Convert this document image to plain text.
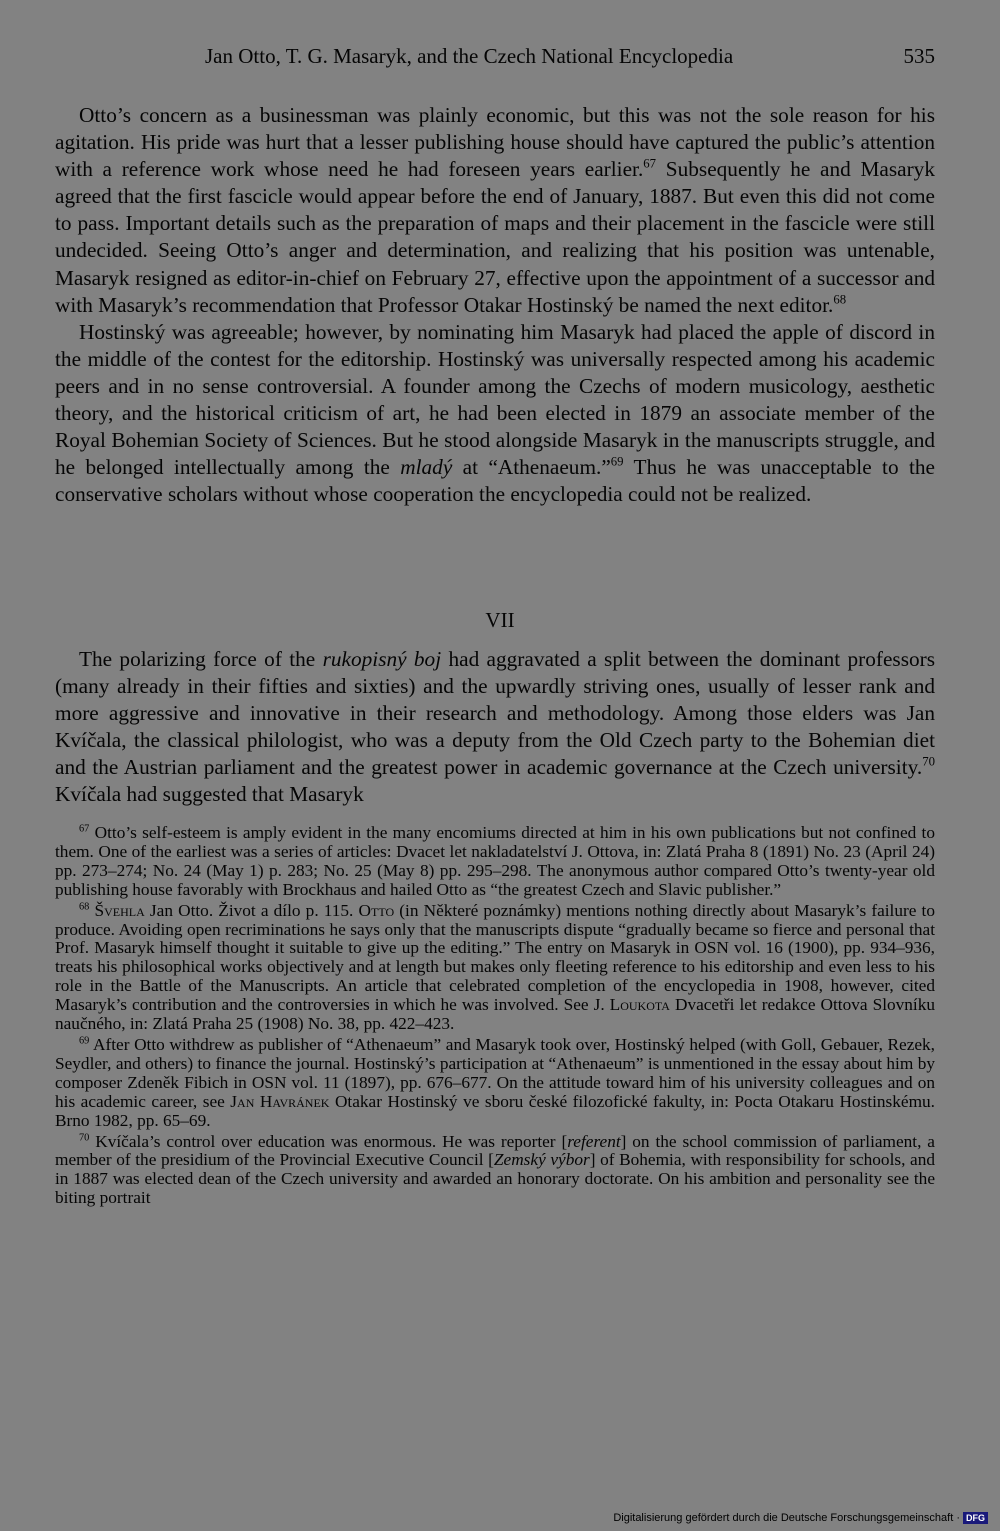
Jan Otto, T. G. Masaryk, and the Czech National Encyclopedia	535

Otto’s concern as a businessman was plainly economic, but this was not the sole reason for his agitation. His pride was hurt that a lesser publishing house should have captured the public’s attention with a reference work whose need he had foreseen years earlier.$^{67}$ Subsequently he and Masaryk agreed that the first fascicle would appear before the end of January, 1887. But even this did not come to pass. Important details such as the preparation of maps and their placement in the fascicle were still undecided. Seeing Otto’s anger and determination, and realizing that his position was untenable, Masaryk resigned as editor-in-chief on February 27, effective upon the appointment of a successor and with Masaryk’s recommendation that Professor Otakar Hostinský be named the next editor.$^{68}$

Hostinský was agreeable; however, by nominating him Masaryk had placed the apple of discord in the middle of the contest for the editorship. Hostinský was universally respected among his academic peers and in no sense controversial. A founder among the Czechs of modern musicology, aesthetic theory, and the historical criticism of art, he had been elected in 1879 an associate member of the Royal Bohemian Society of Sciences. But he stood alongside Masaryk in the manuscripts struggle, and he belonged intellectually among the mladý at “Athenaeum.”$^{69}$ Thus he was unacceptable to the conservative scholars without whose cooperation the encyclopedia could not be realized.

VII

The polarizing force of the rukopisný boj had aggravated a split between the dominant professors (many already in their fifties and sixties) and the upwardly striving ones, usually of lesser rank and more aggressive and innovative in their research and methodology. Among those elders was Jan Kvíčala, the classical philologist, who was a deputy from the Old Czech party to the Bohemian diet and the Austrian parliament and the greatest power in academic governance at the Czech university.$^{70}$ Kvíčala had suggested that Masaryk

$^{67}$ Otto’s self-esteem is amply evident in the many encomiums directed at him in his own publications but not confined to them. One of the earliest was a series of articles: Dvacet let nakladatelství J. Ottova, in: Zlatá Praha 8 (1891) No. 23 (April 24) pp. 273–274; No. 24 (May 1) p. 283; No. 25 (May 8) pp. 295–298. The anonymous author compared Otto’s twenty-year old publishing house favorably with Brockhaus and hailed Otto as “the greatest Czech and Slavic publisher.”

$^{68}$ Švehla Jan Otto. Život a dílo p. 115. Otto (in Některé poznámky) mentions nothing directly about Masaryk’s failure to produce. Avoiding open recriminations he says only that the manuscripts dispute “gradually became so fierce and personal that Prof. Masaryk himself thought it suitable to give up the editing.” The entry on Masaryk in OSN vol. 16 (1900), pp. 934–936, treats his philosophical works objectively and at length but makes only fleeting reference to his editorship and even less to his role in the Battle of the Manuscripts. An article that celebrated completion of the encyclopedia in 1908, however, cited Masaryk’s contribution and the controversies in which he was involved. See J. Loukota Dvacetři let redakce Ottova Slovníku naučného, in: Zlatá Praha 25 (1908) No. 38, pp. 422–423.

$^{69}$ After Otto withdrew as publisher of “Athenaeum” and Masaryk took over, Hostinský helped (with Goll, Gebauer, Rezek, Seydler, and others) to finance the journal. Hostinský’s participation at “Athenaeum” is unmentioned in the essay about him by composer Zdeněk Fibich in OSN vol. 11 (1897), pp. 676–677. On the attitude toward him of his university colleagues and on his academic career, see Jan Havránek Otakar Hostinský ve sboru české filozofické fakulty, in: Pocta Otakaru Hostinskému. Brno 1982, pp. 65–69.

$^{70}$ Kvíčala’s control over education was enormous. He was reporter [referent] on the school commission of parliament, a member of the presidium of the Provincial Executive Council [Zemský výbor] of Bohemia, with responsibility for schools, and in 1887 was elected dean of the Czech university and awarded an honorary doctorate. On his ambition and personality see the biting portrait

Digitalisierung gefördert durch die Deutsche Forschungsgemeinschaft · DFG
